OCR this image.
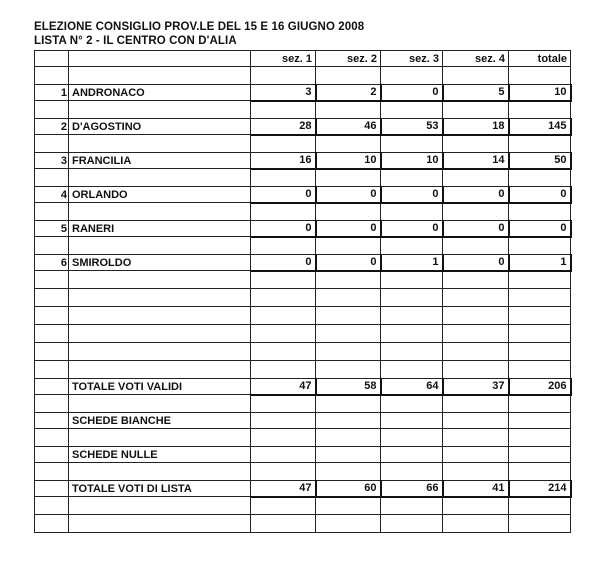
ELEZIONE CONSIGLIO PROV.LE DEL 15 E 16 GIUGNO 2008
LISTA N° 2 - IL CENTRO CON D'ALIA
		sez. 1	sez. 2	sez. 3	sez. 4	totale

1	ANDRONACO	3	2	0	5	10

2	D'AGOSTINO	28	46	53	18	145

3	FRANCILIA	16	10	10	14	50

4	ORLANDO	0	0	0	0	0

5	RANERI	0	0	0	0	0

6	SMIROLDO	0	0	1	0	1

	TOTALE VOTI VALIDI	47	58	64	37	206

	SCHEDE BIANCHE					

	SCHEDE NULLE					

	TOTALE VOTI DI LISTA	47	60	66	41	214
